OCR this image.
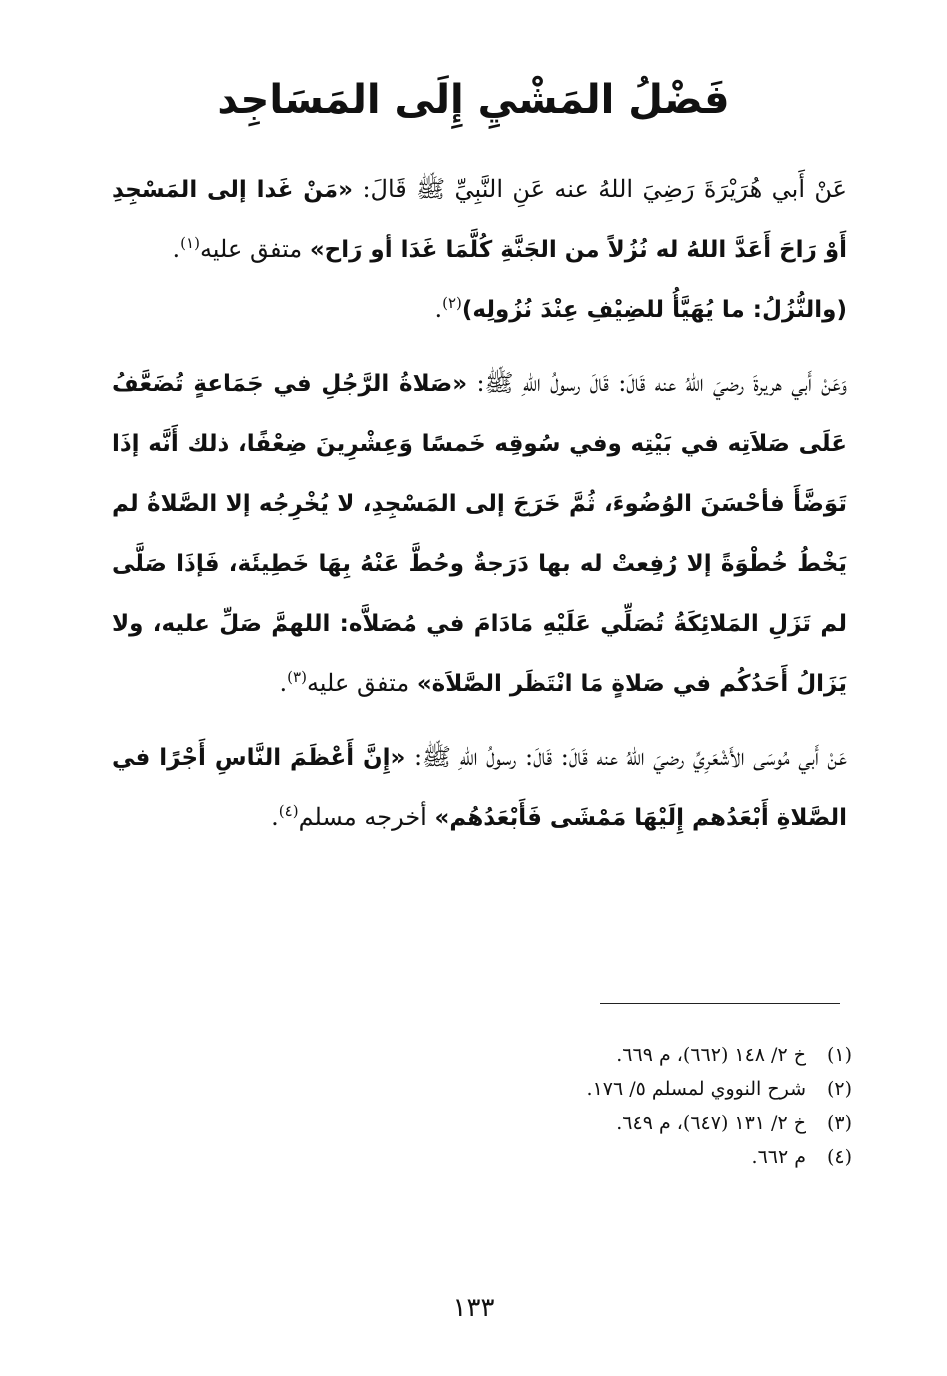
فَضْلُ المَشْيِ إِلَى المَسَاجِد

عَنْ أَبي هُرَيْرَةَ رَضِيَ اللهُ عنه عَنِ النَّبِيِّ ﷺ قَالَ: «مَنْ غَدا إلى المَسْجِدِ أَوْ رَاحَ أَعَدَّ اللهُ له نُزُلاً من الجَنَّةِ كُلَّمَا غَدَا أو رَاح» متفق عليه$^{(١)}$.

(والنُّزُلُ: ما يُهَيَّأُ للضِيْفِ عِنْدَ نُزُولِه)$^{(٢)}$.

وَعَنْ أَبي هريرةَ رضيَ اللهُ عنه قَالَ: قَالَ رسولُ اللهِ ﷺ: «صَلاةُ الرَّجُلِ في جَمَاعةٍ تُضَعَّفُ عَلَى صَلاَتِه في بَيْتِه وفي سُوقِه خَمسًا وَعِشْرِينَ ضِعْفًا، ذلك أَنَّه إذَا تَوَضَّأَ فأحْسَنَ الوُضُوءَ، ثُمَّ خَرَجَ إلى المَسْجِدِ، لا يُخْرِجُه إلا الصَّلاةُ لم يَخْطُ خُطْوَةً إلا رُفِعتْ له بها دَرَجةٌ وحُطَّ عَنْهُ بِهَا خَطِيئَة، فَإذَا صَلَّى لم تَزَلِ المَلائِكَةُ تُصَلِّي عَلَيْهِ مَادَامَ في مُصَلاَّه: اللهمَّ صَلِّ عليه، ولا يَزَالُ أَحَدُكُم في صَلاةٍ مَا انْتَظَر الصَّلاَة» متفق عليه$^{(٣)}$.

عَنْ أَبي مُوسَى الأَشْعَرِيِّ رضيَ اللهُ عنه قَالَ: قَالَ: رسولُ اللهِ ﷺ: «إِنَّ أَعْظَمَ النَّاسِ أَجْرًا في الصَّلاةِ أَبْعَدُهم إِلَيْهَا مَمْشَى فَأَبْعَدُهُم» أخرجه مسلم$^{(٤)}$.

(١)خ ٢/ ١٤٨ (٦٦٢)، م ٦٦٩.
(٢)شرح النووي لمسلم ٥/ ١٧٦.
(٣)خ ٢/ ١٣١ (٦٤٧)، م ٦٤٩.
(٤)م ٦٦٢.
١٣٣
